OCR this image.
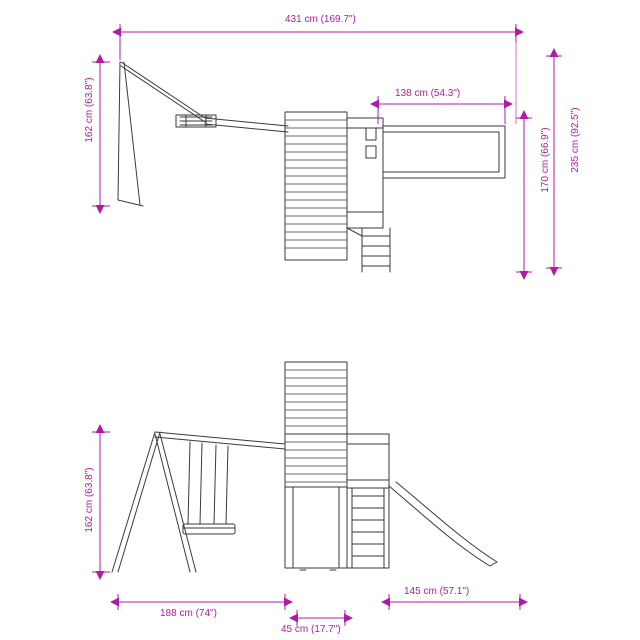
431 cm (169.7")
162 cm (63.8")	138 cm (54.3")
235 cm (92.5")
170 cm (66.9")
162 cm (63.8")
188 cm (74")
45 cm (17.7")
145 cm (57.1")
